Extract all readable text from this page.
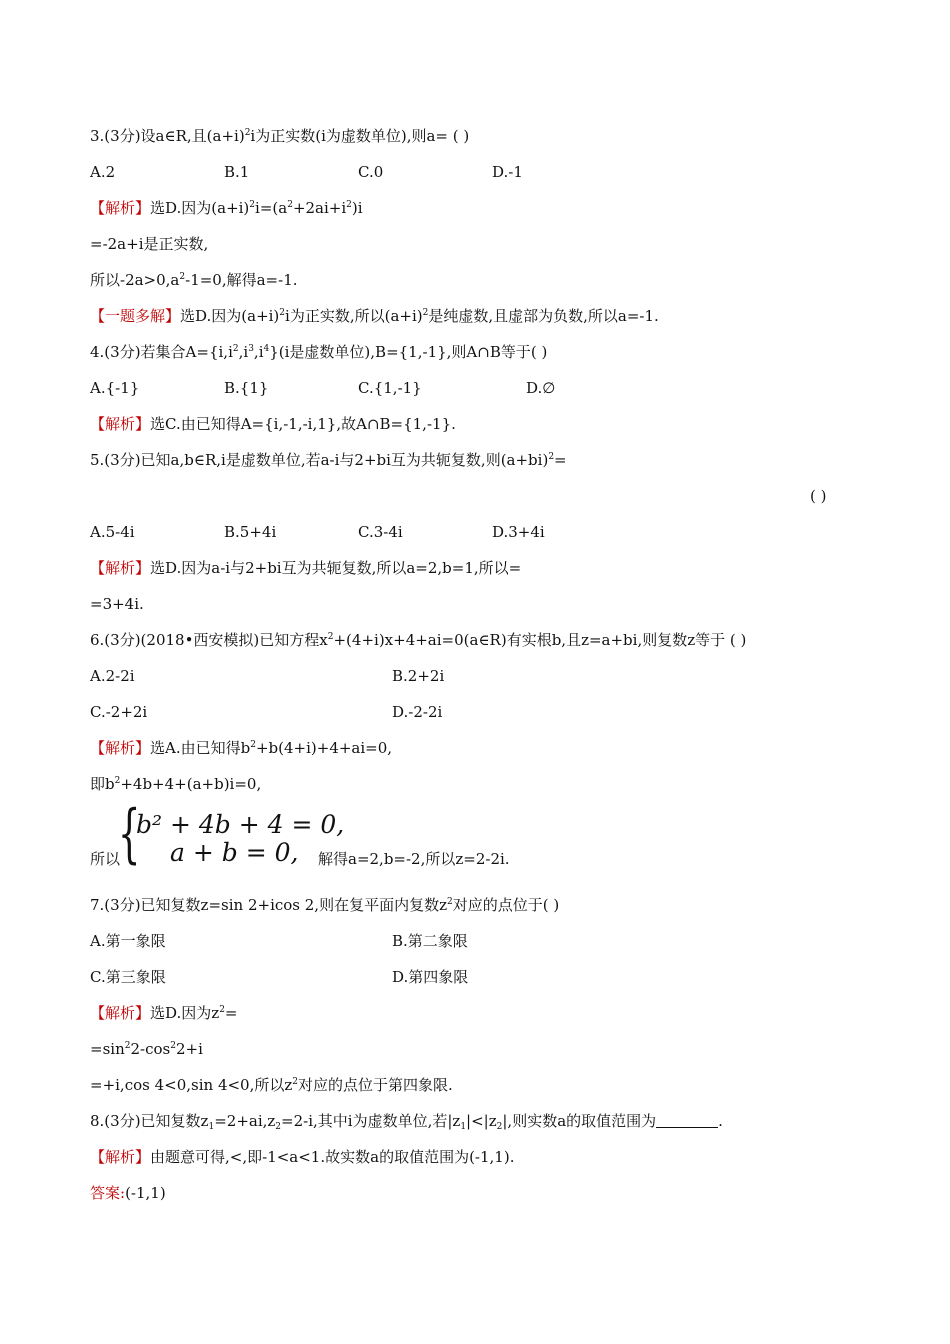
3.(3分)设a∈R,且$(a+i)^2i$为正实数(i为虚数单位),则a= ( )
A.2	B.1	C.0	D.-1
【解析】选D.因为$(a+i)^2i=(a^2+2ai+i^2)i$
=-2a+i是正实数,
所以$-2a>0,a^2-1=0$,解得a=-1.
【一题多解】选D.因为$(a+i)^2i$为正实数,所以$(a+i)^2$是纯虚数,且虚部为负数,所以a=-1.
4.(3分)若集合$A=\{i,i^2,i^3,i^4\}(i$是虚数单位),B={1,-1},则A∩B等于( )
A.{-1}	B.{1}	C.{1,-1}	D.∅
【解析】选C.由已知得A={i,-1,-i,1},故A∩B={1,-1}.
5.(3分)已知a,b∈R,i是虚数单位,若a-i与2+bi互为共轭复数,则$(a+bi)^2=$
( )
A.5-4i	B.5+4i	C.3-4i	D.3+4i
【解析】选D.因为a-i与2+bi互为共轭复数,所以a=2,b=1,所以=
=3+4i.
6.(3分)(2018•西安模拟)已知方程$x^2+(4+i)x+4+ai=0(a\in R)$有实根b,且z=a+bi,则复数z等于 ( )
A.2-2i	B.2+2i
C.-2+2i	D.-2-2i
【解析】选A.由已知得$b^2+b(4+i)+4+ai=0$,
即$b^2+4b+4+(a+b)i=0$,
所以
{
b² + 4b + 4 = 0,
a + b = 0, 解得a=2,b=-2,所以z=2-2i.
7.(3分)已知复数z=sin 2+icos 2,则在复平面内复数$z^2$对应的点位于( )
A.第一象限	B.第二象限
C.第三象限	D.第四象限
【解析】选D.因为$z^2=$
$=\sin^22-\cos^22+i$
=+i,cos 4<0,sin 4<0,所以$z^2$对应的点位于第四象限.
8.(3分)已知复数$z_1=2+ai,z_2=2-i$,其中i为虚数单位,若$|z_1|<|z_2|$,则实数a的取值范围为	.
【解析】由题意可得,<,即-1<a<1.故实数a的取值范围为(-1,1).
答案:(-1,1)
